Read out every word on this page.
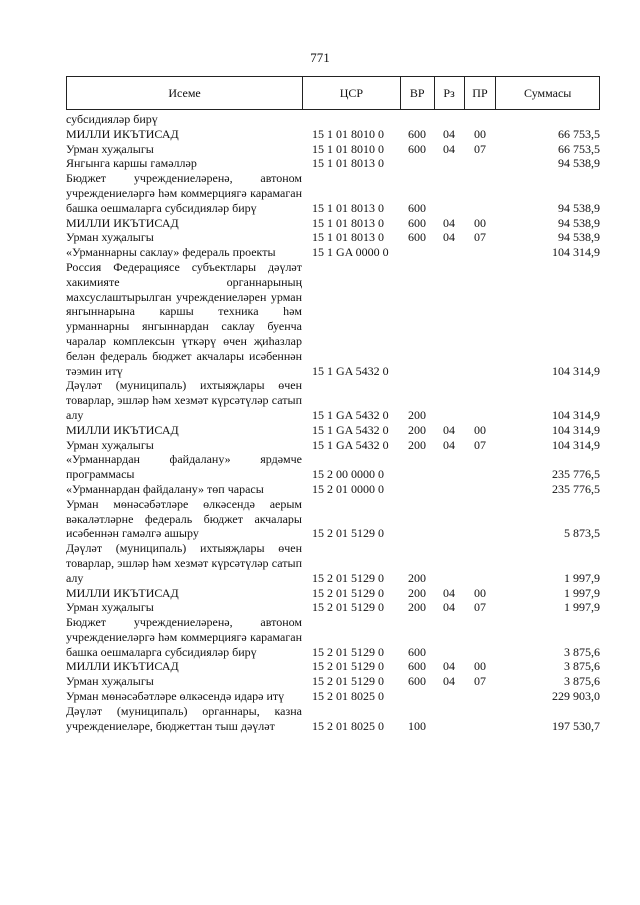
771
Исеме	ЦСР	ВР	Рз	ПР	Суммасы
субсидияләр бирү
МИЛЛИ ИКЪТИСАД	15 1 01 8010 0	600	04	00	66 753,5
Урман хуҗалыгы	15 1 01 8010 0	600	04	07	66 753,5
Янгынга каршы гамәлләр	15 1 01 8013 0	94 538,9
Бюджет учреждениеләренә, автоном учреждениеләргә һәм коммерциягә карамаган башка оешмаларга субсидияләр бирү	15 1 01 8013 0	600	94 538,9
МИЛЛИ ИКЪТИСАД	15 1 01 8013 0	600	04	00	94 538,9
Урман хуҗалыгы	15 1 01 8013 0	600	04	07	94 538,9
«Урманнарны саклау» федераль проекты	15 1 GA 0000 0	104 314,9
Россия Федерациясе субъектлары дәүләт хакимияте органнарының махсуслаштырылган учреждениеләрен урман янгыннарына каршы техника һәм урманнарны янгыннардан саклау буенча чаралар комплексын үткәрү өчен җиһазлар белән федераль бюджет акчалары исәбеннән тәэмин итү	15 1 GA 5432 0	104 314,9
Дәүләт (муниципаль) ихтыяҗлары өчен товарлар, эшләр һәм хезмәт күрсәтүләр сатып алу	15 1 GA 5432 0	200	104 314,9
МИЛЛИ ИКЪТИСАД	15 1 GA 5432 0	200	04	00	104 314,9
Урман хуҗалыгы	15 1 GA 5432 0	200	04	07	104 314,9
«Урманнардан файдалану» ярдәмче программасы	15 2 00 0000 0	235 776,5
«Урманнардан файдалану» төп чарасы	15 2 01 0000 0	235 776,5
Урман мөнәсәбәтләре өлкәсендә аерым вәкаләтләрне федераль бюджет акчалары исәбеннән гамәлгә ашыру	15 2 01 5129 0	5 873,5
Дәүләт (муниципаль) ихтыяҗлары өчен товарлар, эшләр һәм хезмәт күрсәтүләр сатып алу	15 2 01 5129 0	200	1 997,9
МИЛЛИ ИКЪТИСАД	15 2 01 5129 0	200	04	00	1 997,9
Урман хуҗалыгы	15 2 01 5129 0	200	04	07	1 997,9
Бюджет учреждениеләренә, автоном учреждениеләргә һәм коммерциягә карамаган башка оешмаларга субсидияләр бирү	15 2 01 5129 0	600	3 875,6
МИЛЛИ ИКЪТИСАД	15 2 01 5129 0	600	04	00	3 875,6
Урман хуҗалыгы	15 2 01 5129 0	600	04	07	3 875,6
Урман мөнәсәбәтләре өлкәсендә идарә итү	15 2 01 8025 0	229 903,0
Дәүләт (муниципаль) органнары, казна учреждениеләре, бюджеттан тыш дәүләт	15 2 01 8025 0	100	197 530,7
